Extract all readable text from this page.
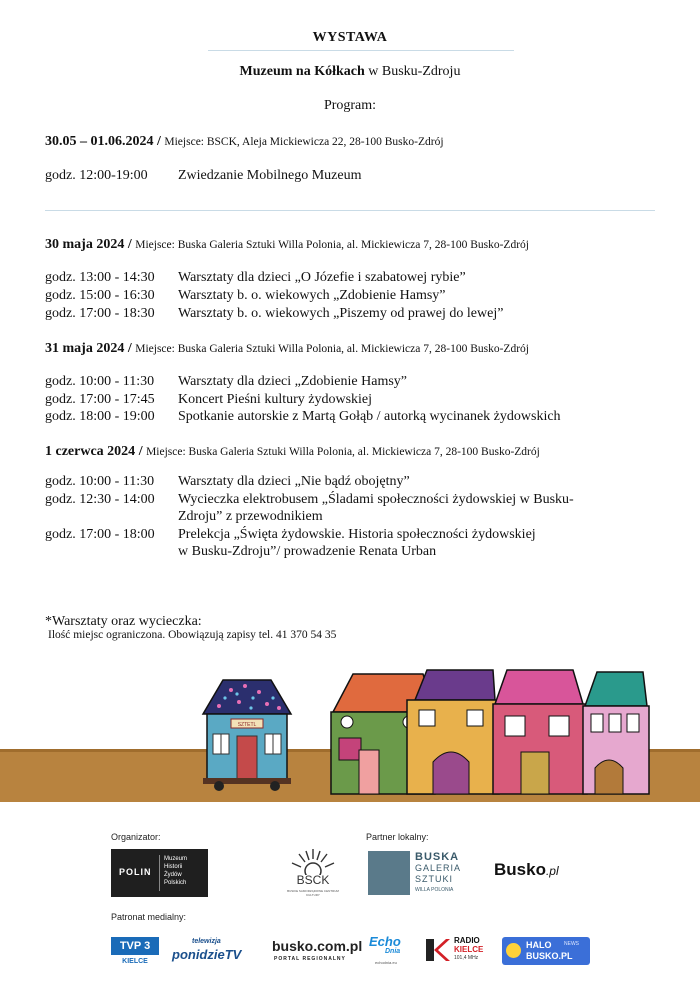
WYSTAWA
Muzeum na Kółkach w Busku-Zdroju
Program:
30.05 – 01.06.2024 / Miejsce: BSCK, Aleja Mickiewicza 22, 28-100 Busko-Zdrój
godz. 12:00-19:00 Zwiedzanie Mobilnego Muzeum
30 maja 2024 / Miejsce: Buska Galeria Sztuki Willa Polonia, al. Mickiewicza 7, 28-100 Busko-Zdrój
godz. 13:00 - 14:30 Warsztaty dla dzieci „O Józefie i szabatowej rybie”
godz. 15:00 - 16:30 Warsztaty b. o. wiekowych „Zdobienie Hamsy”
godz. 17:00 - 18:30 Warsztaty b. o. wiekowych „Piszemy od prawej do lewej”
31 maja 2024 / Miejsce: Buska Galeria Sztuki Willa Polonia, al. Mickiewicza 7, 28-100 Busko-Zdrój
godz. 10:00 - 11:30 Warsztaty dla dzieci „Zdobienie Hamsy”
godz. 17:00 - 17:45 Koncert Pieśni kultury żydowskiej
godz. 18:00 - 19:00 Spotkanie autorskie z Martą Gołąb / autorką wycinanek żydowskich
1 czerwca 2024 / Miejsce: Buska Galeria Sztuki Willa Polonia, al. Mickiewicza 7, 28-100 Busko-Zdrój
godz. 10:00 - 11:30 Warsztaty dla dzieci „Nie bądź obojętny”
godz. 12:30 - 14:00 Wycieczka elektrobusem „Śladami społeczności żydowskiej w Busku-
Zdroju” z przewodnikiem
godz. 17:00 - 18:00 Prelekcja „Święta żydowskie. Historia społeczności żydowskiej
w Busku-Zdroju”/ prowadzenie Renata Urban
*Warsztaty oraz wycieczka:
Ilość miejsc ograniczona. Obowiązują zapisy tel. 41 370 54 35
SZTETL
Organizator:	Partner lokalny:
POLIN
Muzeum
Historii
Żydów
Polskich	BSCK
BUSKIE SAMORZĄDOWE CENTRUM KULTURY
BUSKA
GALERIA
SZTUKI
WILLA POLONIA
Busko.pl
Patronat medialny:
TVP 3
KIELCE
telewizja
ponidzieTV
busko.com.pl
PORTAL REGIONALNY
Echo
Dnia
echodnia.eu
RADIO
KIELCE
101,4 MHz
HALO
BUSKO.PL
NEWS
